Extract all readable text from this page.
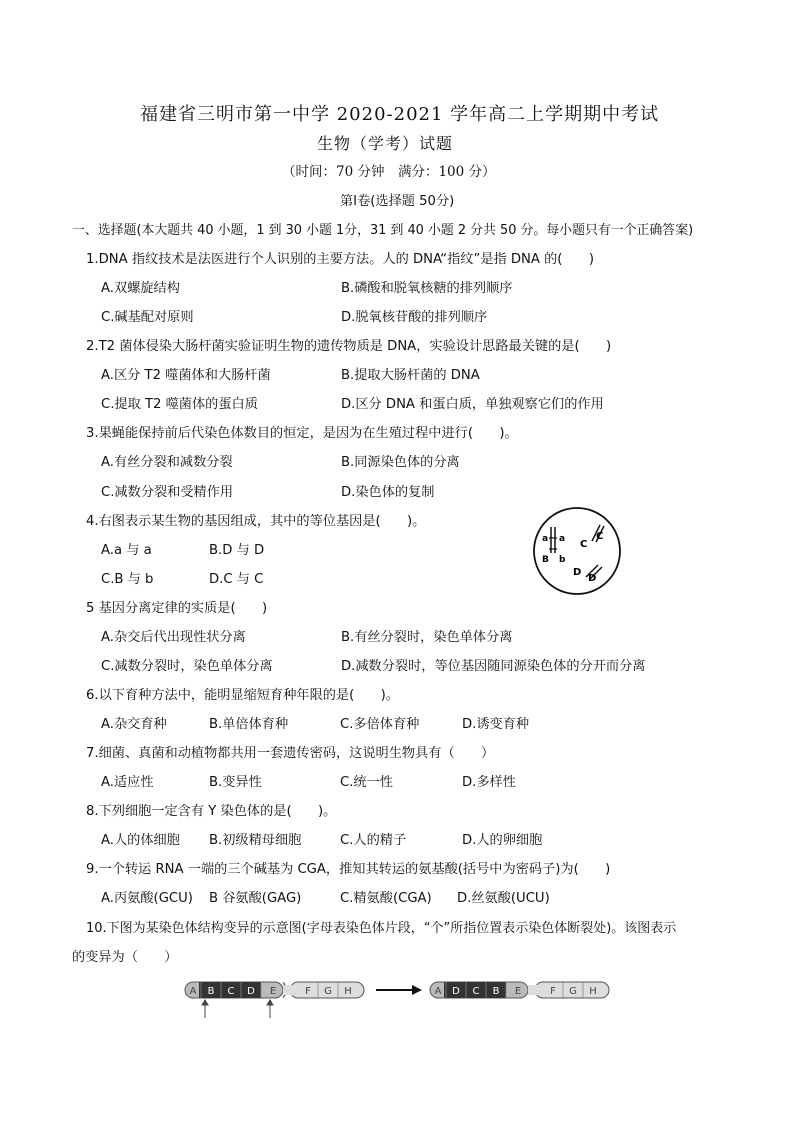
福建省三明市第一中学 2020-2021 学年高二上学期期中考试
生物（学考）试题
（时间：70 分钟　满分：100 分）
第Ⅰ卷(选择题 50分)
一、选择题(本大题共 40 小题，1 到 30 小题 1分，31 到 40 小题 2 分共 50 分。每小题只有一个正确答案)
1.DNA 指纹技术是法医进行个人识别的主要方法。人的 DNA“指纹”是指 DNA 的(　　)
A.双螺旋结构	B.磷酸和脱氧核糖的排列顺序
C.碱基配对原则	D.脱氧核苷酸的排列顺序
2.T2 菌体侵染大肠杆菌实验证明生物的遗传物质是 DNA，实验设计思路最关键的是(　　)
A.区分 T2 噬菌体和大肠杆菌	B.提取大肠杆菌的 DNA
C.提取 T2 噬菌体的蛋白质	D.区分 DNA 和蛋白质，单独观察它们的作用
3.果蝇能保持前后代染色体数目的恒定，是因为在生殖过程中进行(　　)。
A.有丝分裂和减数分裂	B.同源染色体的分离
C.减数分裂和受精作用	D.染色体的复制
4.右图表示某生物的基因组成，其中的等位基因是(　　)。
A.a 与 a	B.D 与 D
C.B 与 b	D.C 与 C
a a
B b
C
C
D
D
5 基因分离定律的实质是(　　)
A.杂交后代出现性状分离	B.有丝分裂时，染色单体分离
C.减数分裂时，染色单体分离	D.减数分裂时，等位基因随同源染色体的分开而分离
6.以下育种方法中，能明显缩短育种年限的是(　　)。
A.杂交育种	B.单倍体育种	C.多倍体育种	D.诱变育种
7.细菌、真菌和动植物都共用一套遗传密码，这说明生物具有（　　）
A.适应性	B.变异性	C.统一性	D.多样性
8.下列细胞一定含有 Y 染色体的是(　　)。
A.人的体细胞 B.初级精母细胞	C.人的精子	D.人的卵细胞
9.一个转运 RNA 一端的三个碱基为 CGA，推知其转运的氨基酸(括号中为密码子)为(　　)
A.丙氨酸(GCU) B 谷氨酸(GAG)	C.精氨酸(CGA) D.丝氨酸(UCU)
10.下图为某染色体结构变异的示意图(字母表染色体片段，“个”所指位置表示染色体断裂处)。该图表示
的变异为（　　）
A B C D E	F G H	A D C B E	F G H
